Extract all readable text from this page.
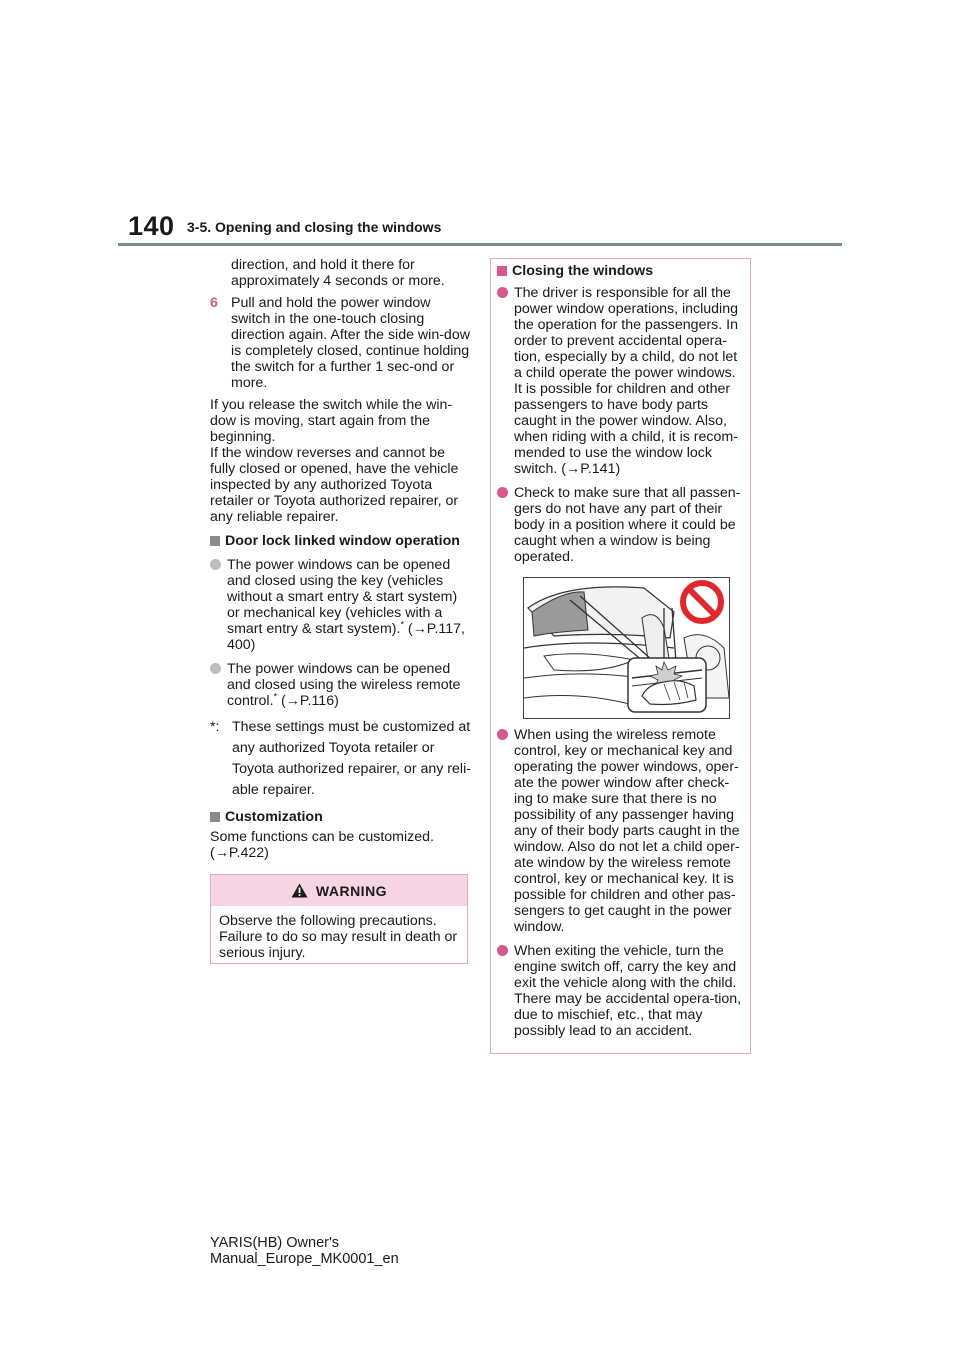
140 3-5. Opening and closing the windows

direction, and hold it there for approximately 4 seconds or more.

6 Pull and hold the power window switch in the one-touch closing direction again. After the side win-dow is completely closed, continue holding the switch for a further 1 sec-ond or more.

If you release the switch while the win-dow is moving, start again from the beginning.

If the window reverses and cannot be fully closed or opened, have the vehicle inspected by any authorized Toyota retailer or Toyota authorized repairer, or any reliable repairer.

Door lock linked window operation
The power windows can be opened and closed using the key (vehicles without a smart entry & start system) or mechanical key (vehicles with a smart entry & start system).* (→P.117, 400)
The power windows can be opened and closed using the wireless remote control.* (→P.116)
*: These settings must be customized at any authorized Toyota retailer or Toyota authorized repairer, or any reli-able repairer.
Customization

Some functions can be customized. (→P.422)

WARNING
Observe the following precautions. Failure to do so may result in death or serious injury.
Closing the windows
The driver is responsible for all the power window operations, including the operation for the passengers. In order to prevent accidental opera-tion, especially by a child, do not let a child operate the power windows. It is possible for children and other passengers to have body parts caught in the power window. Also, when riding with a child, it is recom-mended to use the window lock switch. (→P.141)
Check to make sure that all passen-gers do not have any part of their body in a position where it could be caught when a window is being operated.
When using the wireless remote control, key or mechanical key and operating the power windows, oper-ate the power window after check-ing to make sure that there is no possibility of any passenger having any of their body parts caught in the window. Also do not let a child oper-ate window by the wireless remote control, key or mechanical key. It is possible for children and other pas-sengers to get caught in the power window.
When exiting the vehicle, turn the engine switch off, carry the key and exit the vehicle along with the child. There may be accidental opera-tion, due to mischief, etc., that may possibly lead to an accident.
YARIS(HB) Owner's Manual_Europe_MK0001_en
